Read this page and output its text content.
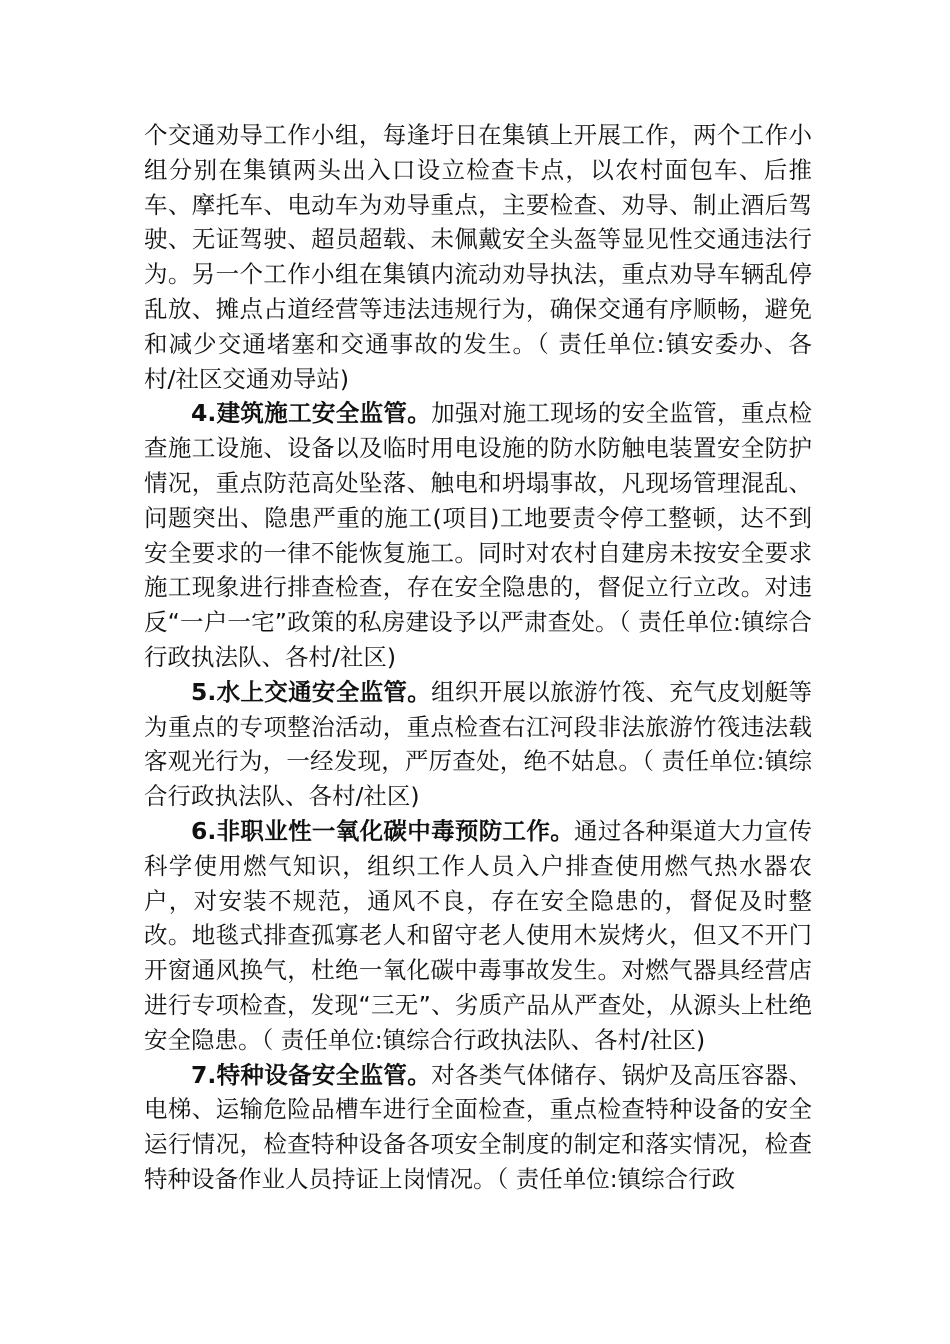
个交通劝导工作小组，每逢圩日在集镇上开展工作，两个工作小组分别在集镇两头出入口设立检查卡点，以农村面包车、后推车、摩托车、电动车为劝导重点，主要检查、劝导、制止酒后驾驶、无证驾驶、超员超载、未佩戴安全头盔等显见性交通违法行为。另一个工作小组在集镇内流动劝导执法，重点劝导车辆乱停乱放、摊点占道经营等违法违规行为，确保交通有序顺畅，避免和减少交通堵塞和交通事故的发生。（ 责任单位:镇安委办、各村/社区交通劝导站)

4.建筑施工安全监管。加强对施工现场的安全监管，重点检查施工设施、设备以及临时用电设施的防水防触电装置安全防护情况，重点防范高处坠落、触电和坍塌事故，凡现场管理混乱、问题突出、隐患严重的施工(项目)工地要责令停工整顿，达不到安全要求的一律不能恢复施工。同时对农村自建房未按安全要求施工现象进行排查检查，存在安全隐患的，督促立行立改。对违反“一户一宅”政策的私房建设予以严肃查处。（ 责任单位:镇综合行政执法队、各村/社区)

5.水上交通安全监管。组织开展以旅游竹筏、充气皮划艇等为重点的专项整治活动，重点检查右江河段非法旅游竹筏违法载客观光行为，一经发现，严厉查处，绝不姑息。（ 责任单位:镇综合行政执法队、各村/社区)

6.非职业性一氧化碳中毒预防工作。通过各种渠道大力宣传科学使用燃气知识，组织工作人员入户排查使用燃气热水器农户，对安装不规范，通风不良，存在安全隐患的，督促及时整改。地毯式排查孤寡老人和留守老人使用木炭烤火，但又不开门开窗通风换气，杜绝一氧化碳中毒事故发生。对燃气器具经营店进行专项检查，发现“三无”、劣质产品从严查处，从源头上杜绝安全隐患。（ 责任单位:镇综合行政执法队、各村/社区)

7.特种设备安全监管。对各类气体储存、锅炉及高压容器、电梯、运输危险品槽车进行全面检查，重点检查特种设备的安全运行情况，检查特种设备各项安全制度的制定和落实情况，检查特种设备作业人员持证上岗情况。（ 责任单位:镇综合行政
